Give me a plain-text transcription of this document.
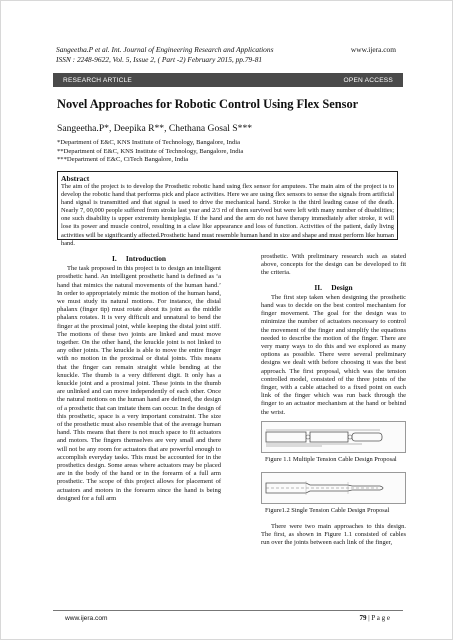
Sangeetha.P et al. Int. Journal of Engineering Research and Applications
ISSN : 2248-9622, Vol. 5, Issue 2, ( Part -2) February 2015, pp.79-81
www.ijera.com
RESEARCH ARTICLE	OPEN ACCESS
Novel Approaches for Robotic Control Using Flex Sensor
Sangeetha.P*, Deepika R**, Chethana Gosal S***
*Department of E&C, KNS Institute of Technology, Bangalore, India
**Department of E&C, KNS Institute of Technology, Bangalore, India
***Department of E&C, CiTech Bangalore, India
Abstract
The aim of the project is to develop the Prosthetic robotic hand using flex sensor for amputees. The main aim of the project is to develop the robotic hand that performs pick and place activities. Here we are using flex sensors to sense the signals from artificial hand signal is transmitted and that signal is used to drive the mechanical hand. Stroke is the third leading cause of the death. Nearly 7, 00,000 people suffered from stroke last year and 2/3 rd of them survived but were left with many number of disabilities; one such disability is upper extremity hemiplegia. If the hand and the arm do not have therapy immediately after stroke, it will lose its power and muscle control, resulting in a claw like appearance and loss of function. Activities of the patient, daily living activities will be significantly affected.Prosthetic hand must resemble human hand in size and shape and must perform like human hand.
I.     Introduction

The task proposed in this project is to design an intelligent prosthetic hand. An intelligent prosthetic hand is defined as ‘a hand that mimics the natural movements of the human hand.’ In order to appropriately mimic the motion of the human hand, we must study its natural motions. For instance, the distal phalanx (finger tip) must rotate about its joint as the middle phalanx rotates. It is very difficult and unnatural to bend the finger at the proximal joint, while keeping the distal joint stiff. The motions of these two joints are linked and must move together. On the other hand, the knuckle joint is not linked to any other joints. The knuckle is able to move the entire finger with no motion in the proximal or distal joints. This means that the finger can remain straight while bending at the knuckle. The thumb is a very different digit. It only has a knuckle joint and a proximal joint. These joints in the thumb are unlinked and can move independently of each other. Once the natural motions on the human hand are defined, the design of a prosthetic that can imitate them can occur. In the design of this prosthetic, space is a very important constraint. The size of the prosthetic must also resemble that of the average human hand. This means that there is not much space to fit actuators and motors. The fingers themselves are very small and there will not be any room for actuators that are powerful enough to accomplish everyday tasks. This must be accounted for in the prosthetics design. Some areas where actuators may be placed are in the body of the hand or in the forearm of a full arm prosthetic. The scope of this project allows for placement of actuators and motors in the forearm since the hand is being designed for a full arm

prosthetic. With preliminary research such as stated above, concepts for the design can be developed to fit the criteria.

II.     Design

The first step taken when designing the prosthetic hand was to decide on the best control mechanism for finger movement. The goal for the design was to minimize the number of actuators necessary to control the movement of the finger and simplify the equations needed to describe the motion of the finger. There are very many ways to do this and we explored as many options as possible. There were several preliminary designs we dealt with before choosing it was the best approach. The first proposal, which was the tension controlled model, consisted of the three joints of the finger, with a cable attached to a fixed point on each link of the finger which was run back through the finger to an actuator mechanism at the hand or behind the wrist.

Figure 1.1 Multiple Tension Cable Design Proposal
Figure1.2 Single Tension Cable Design Proposal

There were two main approaches to this design. The first, as shown in Figure 1.1 consisted of cables run over the joints between each link of the finger,

www.ijera.com	79 | P a g e
